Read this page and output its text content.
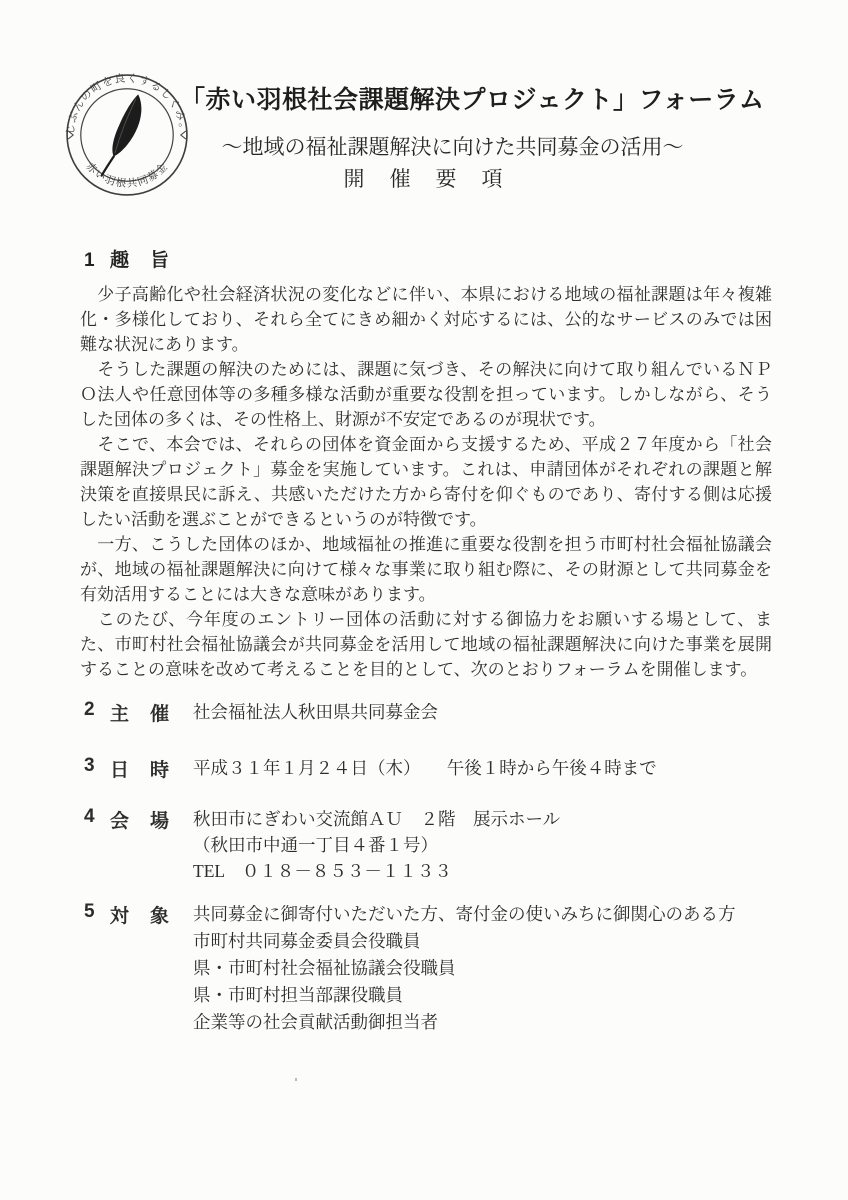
じぶんの町を良くするしくみ。
赤い羽根共同募金
「赤い羽根社会課題解決プロジェクト」フォーラム
～地域の福祉課題解決に向けた共同募金の活用～
開　催　要　項
1 趣　旨

　少子高齢化や社会経済状況の変化などに伴い、本県における地域の福祉課題は年々複雑化・多様化しており、それら全てにきめ細かく対応するには、公的なサービスのみでは困難な状況にあります。

　そうした課題の解決のためには、課題に気づき、その解決に向けて取り組んでいるＮＰＯ法人や任意団体等の多種多様な活動が重要な役割を担っています。しかしながら、そうした団体の多くは、その性格上、財源が不安定であるのが現状です。

　そこで、本会では、それらの団体を資金面から支援するため、平成２７年度から「社会課題解決プロジェクト」募金を実施しています。これは、申請団体がそれぞれの課題と解決策を直接県民に訴え、共感いただけた方から寄付を仰ぐものであり、寄付する側は応援したい活動を選ぶことができるというのが特徴です。

　一方、こうした団体のほか、地域福祉の推進に重要な役割を担う市町村社会福祉協議会が、地域の福祉課題解決に向けて様々な事業に取り組む際に、その財源として共同募金を有効活用することには大きな意味があります。

　このたび、今年度のエントリー団体の活動に対する御協力をお願いする場として、また、市町村社会福祉協議会が共同募金を活用して地域の福祉課題解決に向けた事業を展開することの意味を改めて考えることを目的として、次のとおりフォーラムを開催します。

2 主　催	社会福祉法人秋田県共同募金会
3 日　時	平成３１年１月２４日（木）　　午後１時から午後４時まで
4 会　場	秋田市にぎわい交流館ＡＵ　２階　展示ホール
（秋田市中通一丁目４番１号）
TEL　０１８－８５３－１１３３
5 対　象	共同募金に御寄付いただいた方、寄付金の使いみちに御関心のある方
市町村共同募金委員会役職員
県・市町村社会福祉協議会役職員
県・市町村担当部課役職員
企業等の社会貢献活動御担当者
